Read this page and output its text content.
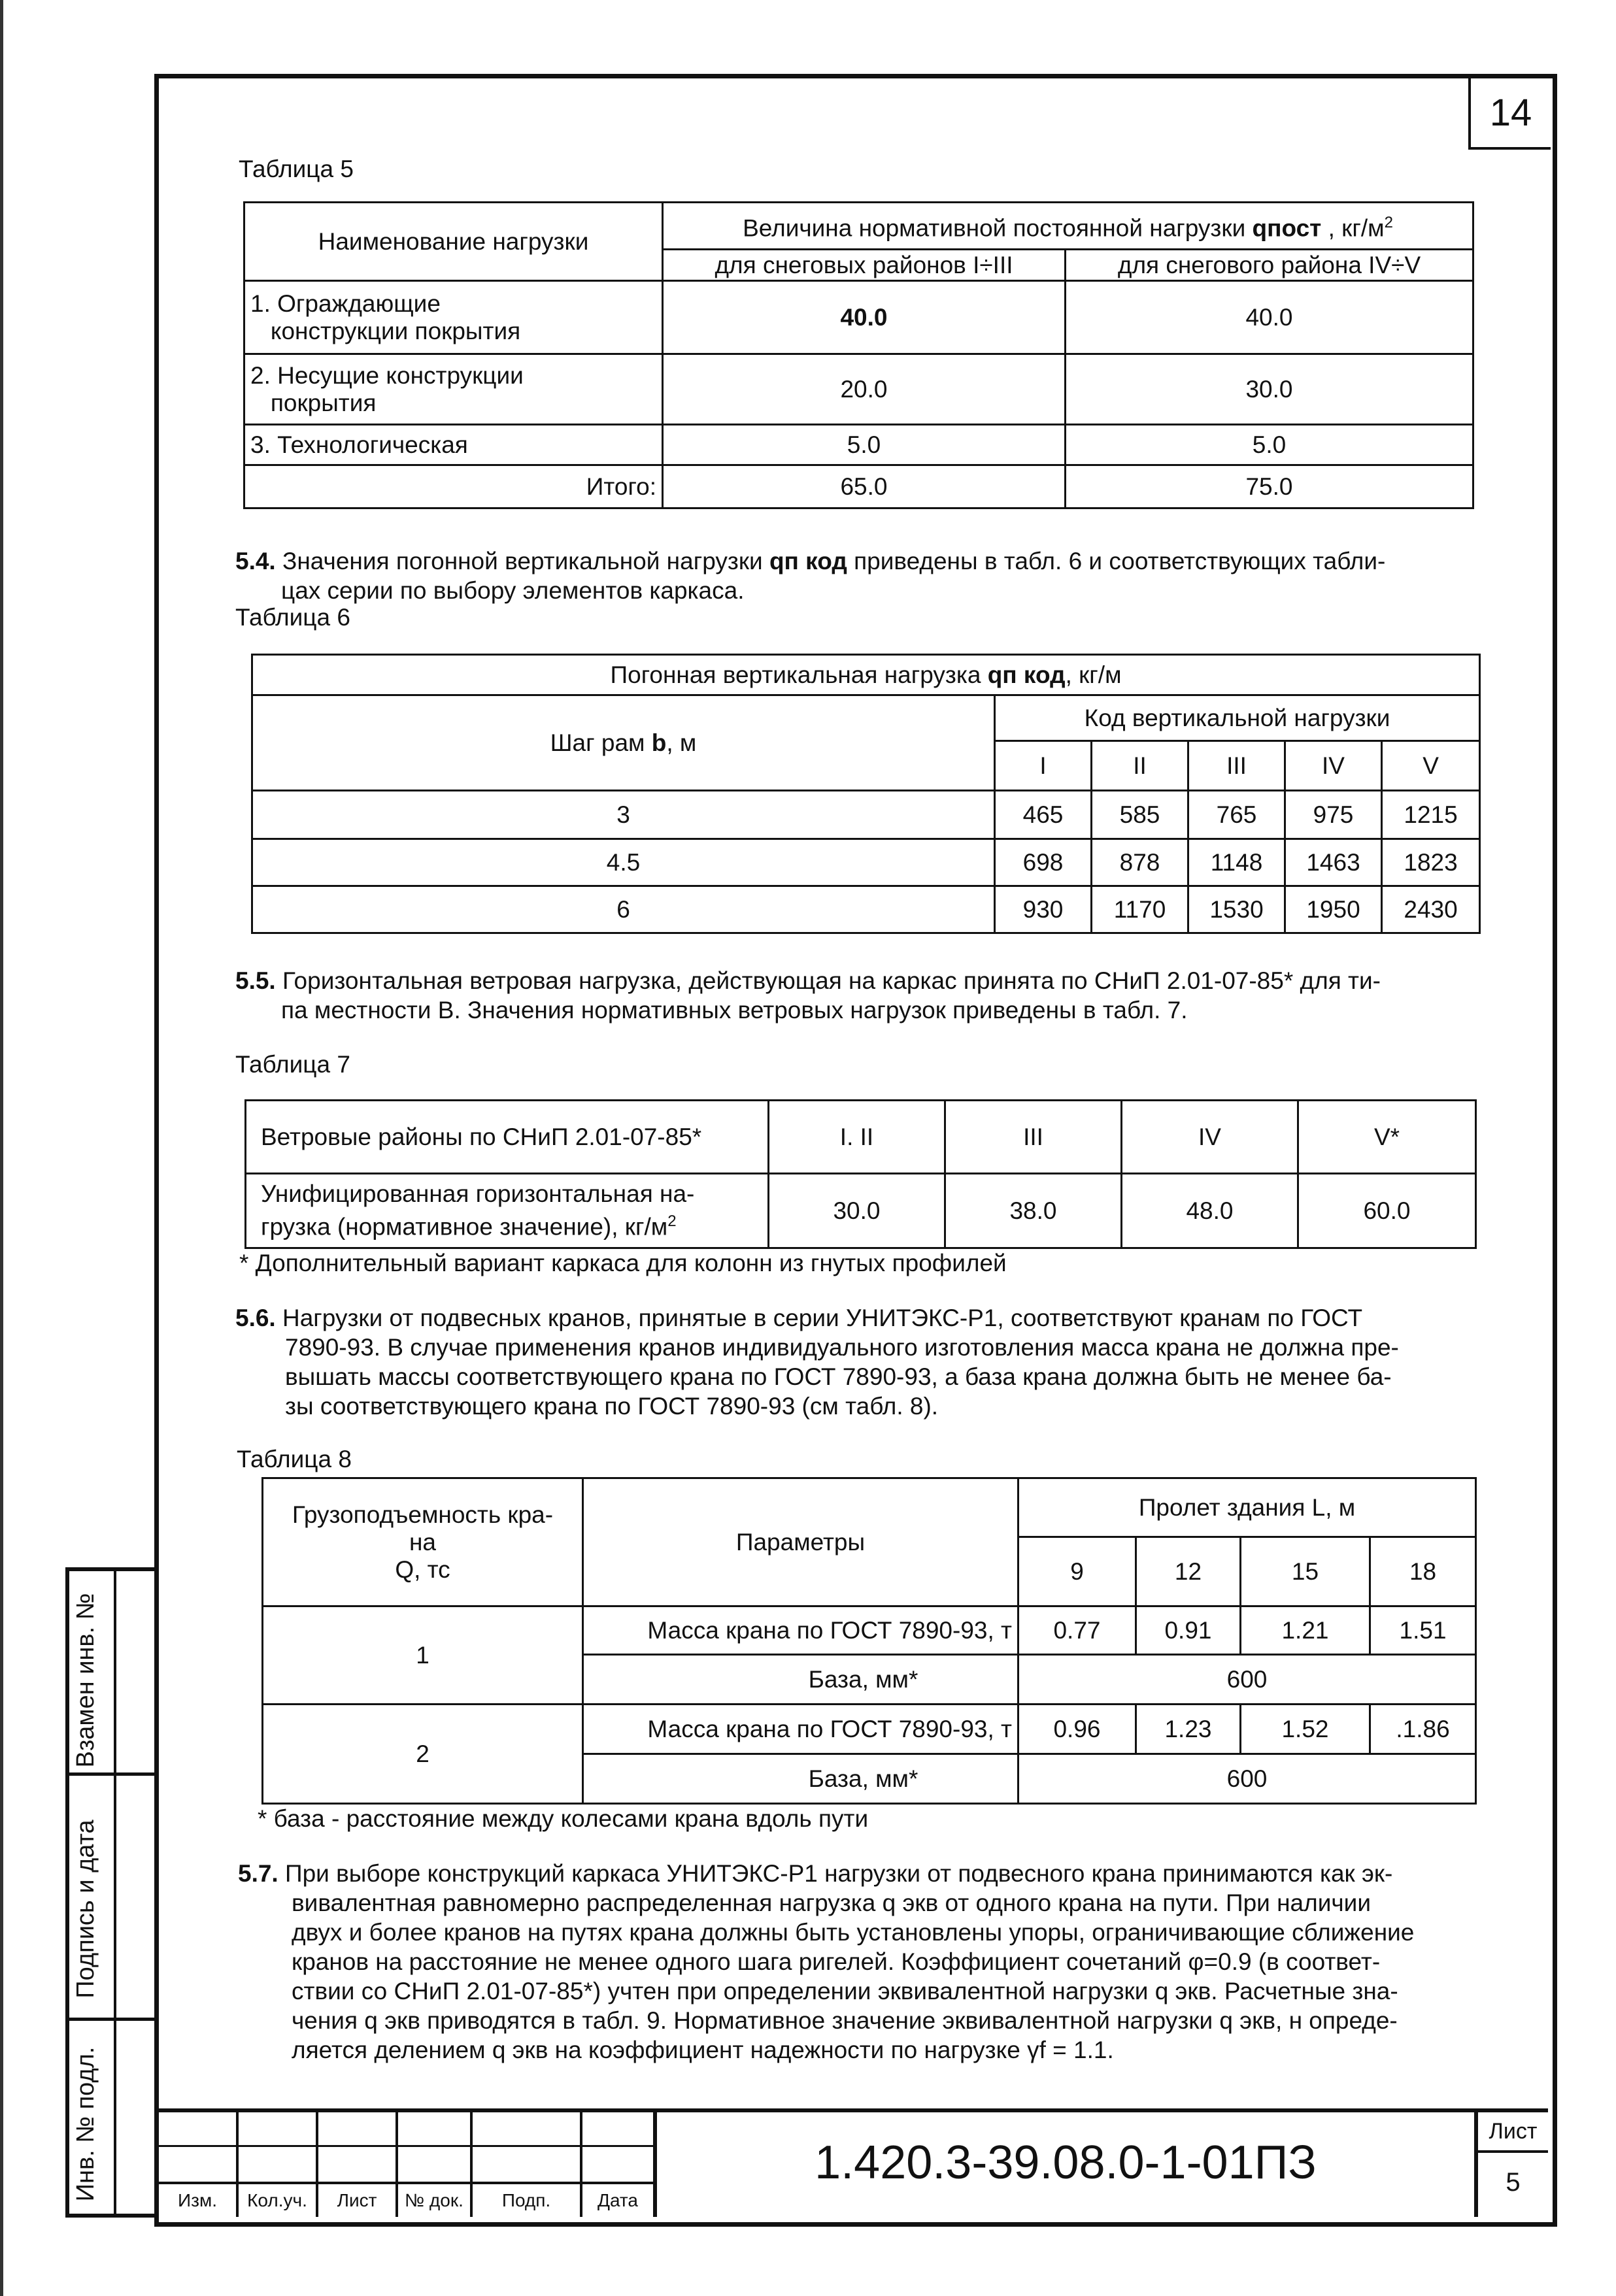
14
Таблица 5
Наименование нагрузки	Величина нормативной постоянной нагрузки qпост , $кг/м^2$
	для снеговых районов I÷III	для снегового района IV÷V
1. Ограждающие
конструкции покрытия	40.0	40.0
2. Несущие конструкции
покрытия	20.0	30.0
3. Технологическая	5.0	5.0
Итого:	65.0	75.0
5.4. Значения погонной вертикальной нагрузки qп код приведены в табл. 6 и соответствующих табли-
цах серии по выбору элементов каркаса.
Таблица 6
Погонная вертикальная нагрузка qп код, кг/м					
Шаг рам b, м	Код вертикальной нагрузки				
	I	II	III	IV	V
3	465	585	765	975	1215
4.5	698	878	1148	1463	1823
6	930	1170	1530	1950	2430
5.5. Горизонтальная ветровая нагрузка, действующая на каркас принята по СНиП 2.01-07-85* для ти-
па местности В. Значения нормативных ветровых нагрузок приведены в табл. 7.
Таблица 7
Ветровые районы по СНиП 2.01-07-85*	I. II	III	IV	V*

Унифицированная горизонтальная на-
грузка (нормативное значение), $кг/м^2$	30.0	38.0	48.0	60.0
* Дополнительный вариант каркаса для колонн из гнутых профилей
5.6. Нагрузки от подвесных кранов, принятые в серии УНИТЭКС-Р1, соответствуют кранам по ГОСТ
7890-93. В случае применения кранов индивидуального изготовления масса крана не должна пре-
вышать массы соответствующего крана по ГОСТ 7890-93, а база крана должна быть не менее ба-
зы соответствующего крана по ГОСТ 7890-93 (см табл. 8).
Таблица 8
Грузоподъемность кра-
на
Q, тс	Параметры	Пролет здания L, м			
		9	12	15	18
1	Масса крана по ГОСТ 7890-93, т	0.77	0.91	1.21	1.51
	База, мм*	600			
2	Масса крана по ГОСТ 7890-93, т	0.96	1.23	1.52	.1.86
	База, мм*	600			
* база - расстояние между колесами крана вдоль пути
5.7. При выборе конструкций каркаса УНИТЭКС-Р1 нагрузки от подвесного крана принимаются как эк-
вивалентная равномерно распределенная нагрузка q экв от одного крана на пути. При наличии
двух и более кранов на путях крана должны быть установлены упоры, ограничивающие сближение
кранов на расстояние не менее одного шага ригелей. Коэффициент сочетаний φ=0.9 (в соответ-
ствии со СНиП 2.01-07-85*) учтен при определении эквивалентной нагрузки q экв. Расчетные зна-
чения q экв приводятся в табл. 9. Нормативное значение эквивалентной нагрузки q экв, н опреде-
ляется делением q экв на коэффициент надежности по нагрузке γf = 1.1.
Взамен инв. №
Подпись и дата
Инв. № подл.	Изм.	Кол.уч.	Лист	№ док.	Подп.	Дата
1.420.3-39.08.0-1-01ПЗ
Лист
5
